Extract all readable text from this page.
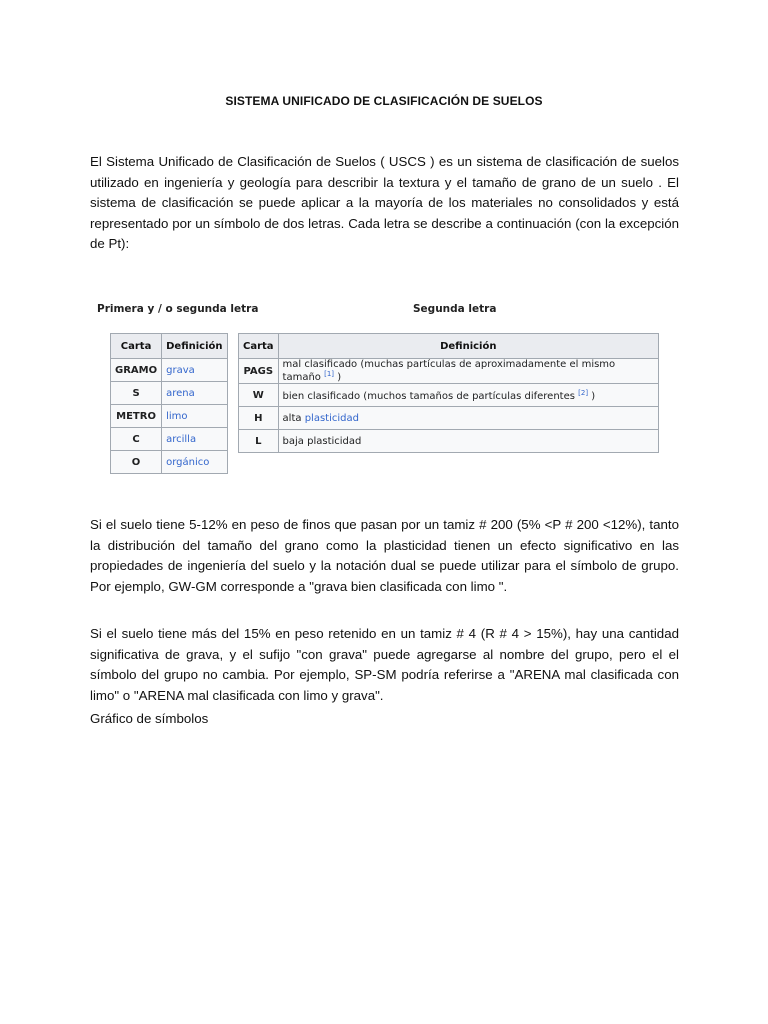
SISTEMA UNIFICADO DE CLASIFICACIÓN DE SUELOS

El Sistema Unificado de Clasificación de Suelos ( USCS ) es un sistema de clasificación de suelos utilizado en ingeniería y geología para describir la textura y el tamaño de grano de un suelo . El sistema de clasificación se puede aplicar a la mayoría de los materiales no consolidados y está representado por un símbolo de dos letras. Cada letra se describe a continuación (con la excepción de Pt):

Primera y / o segunda letra	Segunda letra
Carta	Definición
GRAMO	grava
S	arena
METRO	limo
C	arcilla
O	orgánico
Carta	Definición
PAGS	mal clasificado (muchas partículas de aproximadamente el mismo tamaño [1] )
W	bien clasificado (muchos tamaños de partículas diferentes [2] )
H	alta plasticidad
L	baja plasticidad

Si el suelo tiene 5-12% en peso de finos que pasan por un tamiz # 200 (5% <P # 200 <12%), tanto la distribución del tamaño del grano como la plasticidad tienen un efecto significativo en las propiedades de ingeniería del suelo y la notación dual se puede utilizar para el símbolo de grupo. Por ejemplo, GW-GM corresponde a "grava bien clasificada con limo ".

Si el suelo tiene más del 15% en peso retenido en un tamiz # 4 (R # 4 > 15%), hay una cantidad significativa de grava, y el sufijo "con grava" puede agregarse al nombre del grupo, pero el el símbolo del grupo no cambia. Por ejemplo, SP-SM podría referirse a "ARENA mal clasificada con limo" o "ARENA mal clasificada con limo y grava".

Gráfico de símbolos
